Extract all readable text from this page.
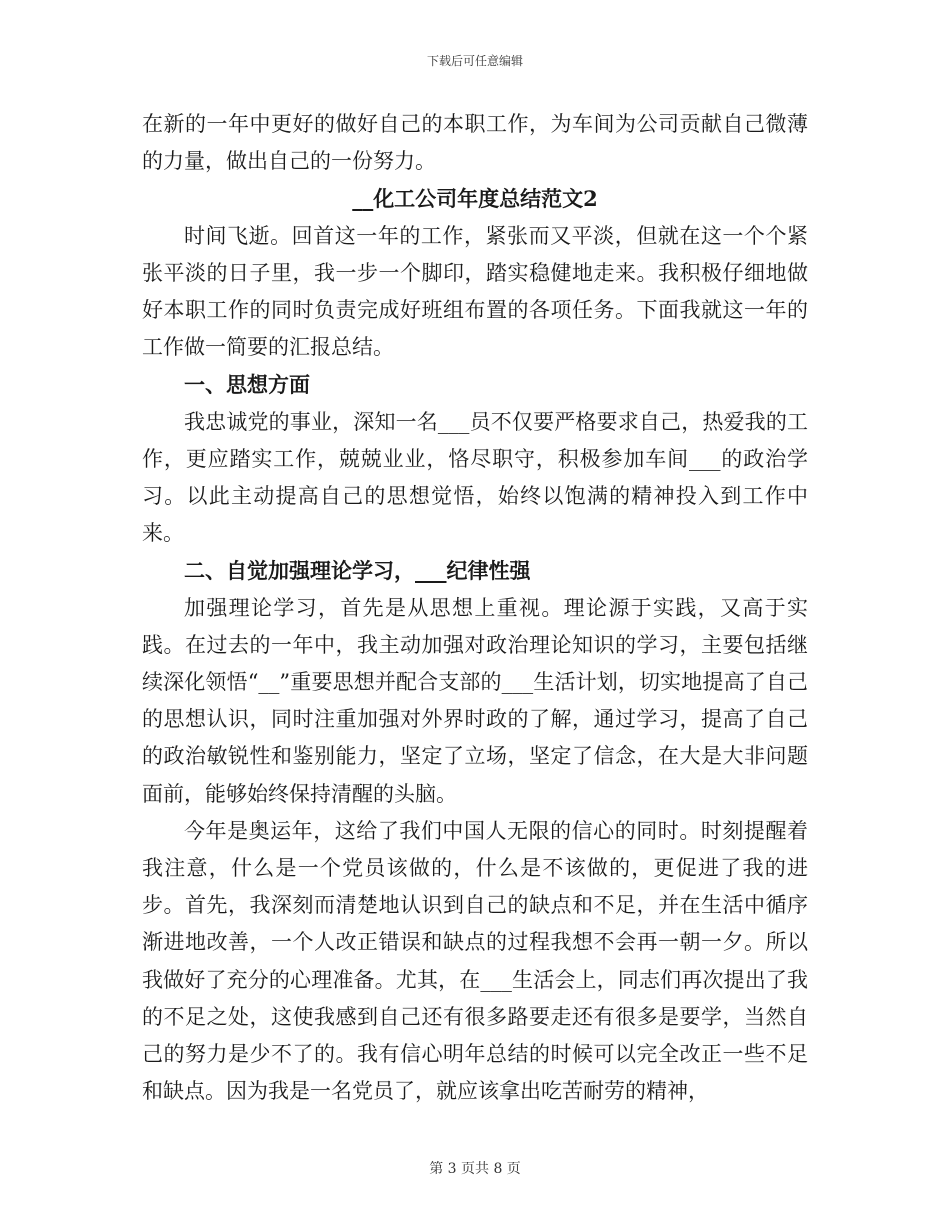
下载后可任意编辑

在新的一年中更好的做好自己的本职工作，为车间为公司贡献自己微薄的力量，做出自己的一份努力。

__化工公司年度总结范文2

时间飞逝。回首这一年的工作，紧张而又平淡，但就在这一个个紧张平淡的日子里，我一步一个脚印，踏实稳健地走来。我积极仔细地做好本职工作的同时负责完成好班组布置的各项任务。下面我就这一年的工作做一简要的汇报总结。

一、思想方面

我忠诚党的事业，深知一名___员不仅要严格要求自己，热爱我的工作，更应踏实工作，兢兢业业，恪尽职守，积极参加车间___的政治学习。以此主动提高自己的思想觉悟，始终以饱满的精神投入到工作中来。

二、自觉加强理论学习，___纪律性强

加强理论学习，首先是从思想上重视。理论源于实践，又高于实践。在过去的一年中，我主动加强对政治理论知识的学习，主要包括继续深化领悟“__”重要思想并配合支部的___生活计划，切实地提高了自己的思想认识，同时注重加强对外界时政的了解，通过学习，提高了自己的政治敏锐性和鉴别能力，坚定了立场，坚定了信念，在大是大非问题面前，能够始终保持清醒的头脑。

今年是奥运年，这给了我们中国人无限的信心的同时。时刻提醒着我注意，什么是一个党员该做的，什么是不该做的，更促进了我的进步。首先，我深刻而清楚地认识到自己的缺点和不足，并在生活中循序渐进地改善，一个人改正错误和缺点的过程我想不会再一朝一夕。所以我做好了充分的心理准备。尤其，在___生活会上，同志们再次提出了我的不足之处，这使我感到自己还有很多路要走还有很多是要学，当然自己的努力是少不了的。我有信心明年总结的时候可以完全改正一些不足和缺点。因为我是一名党员了，就应该拿出吃苦耐劳的精神，

第 3 页共 8 页
